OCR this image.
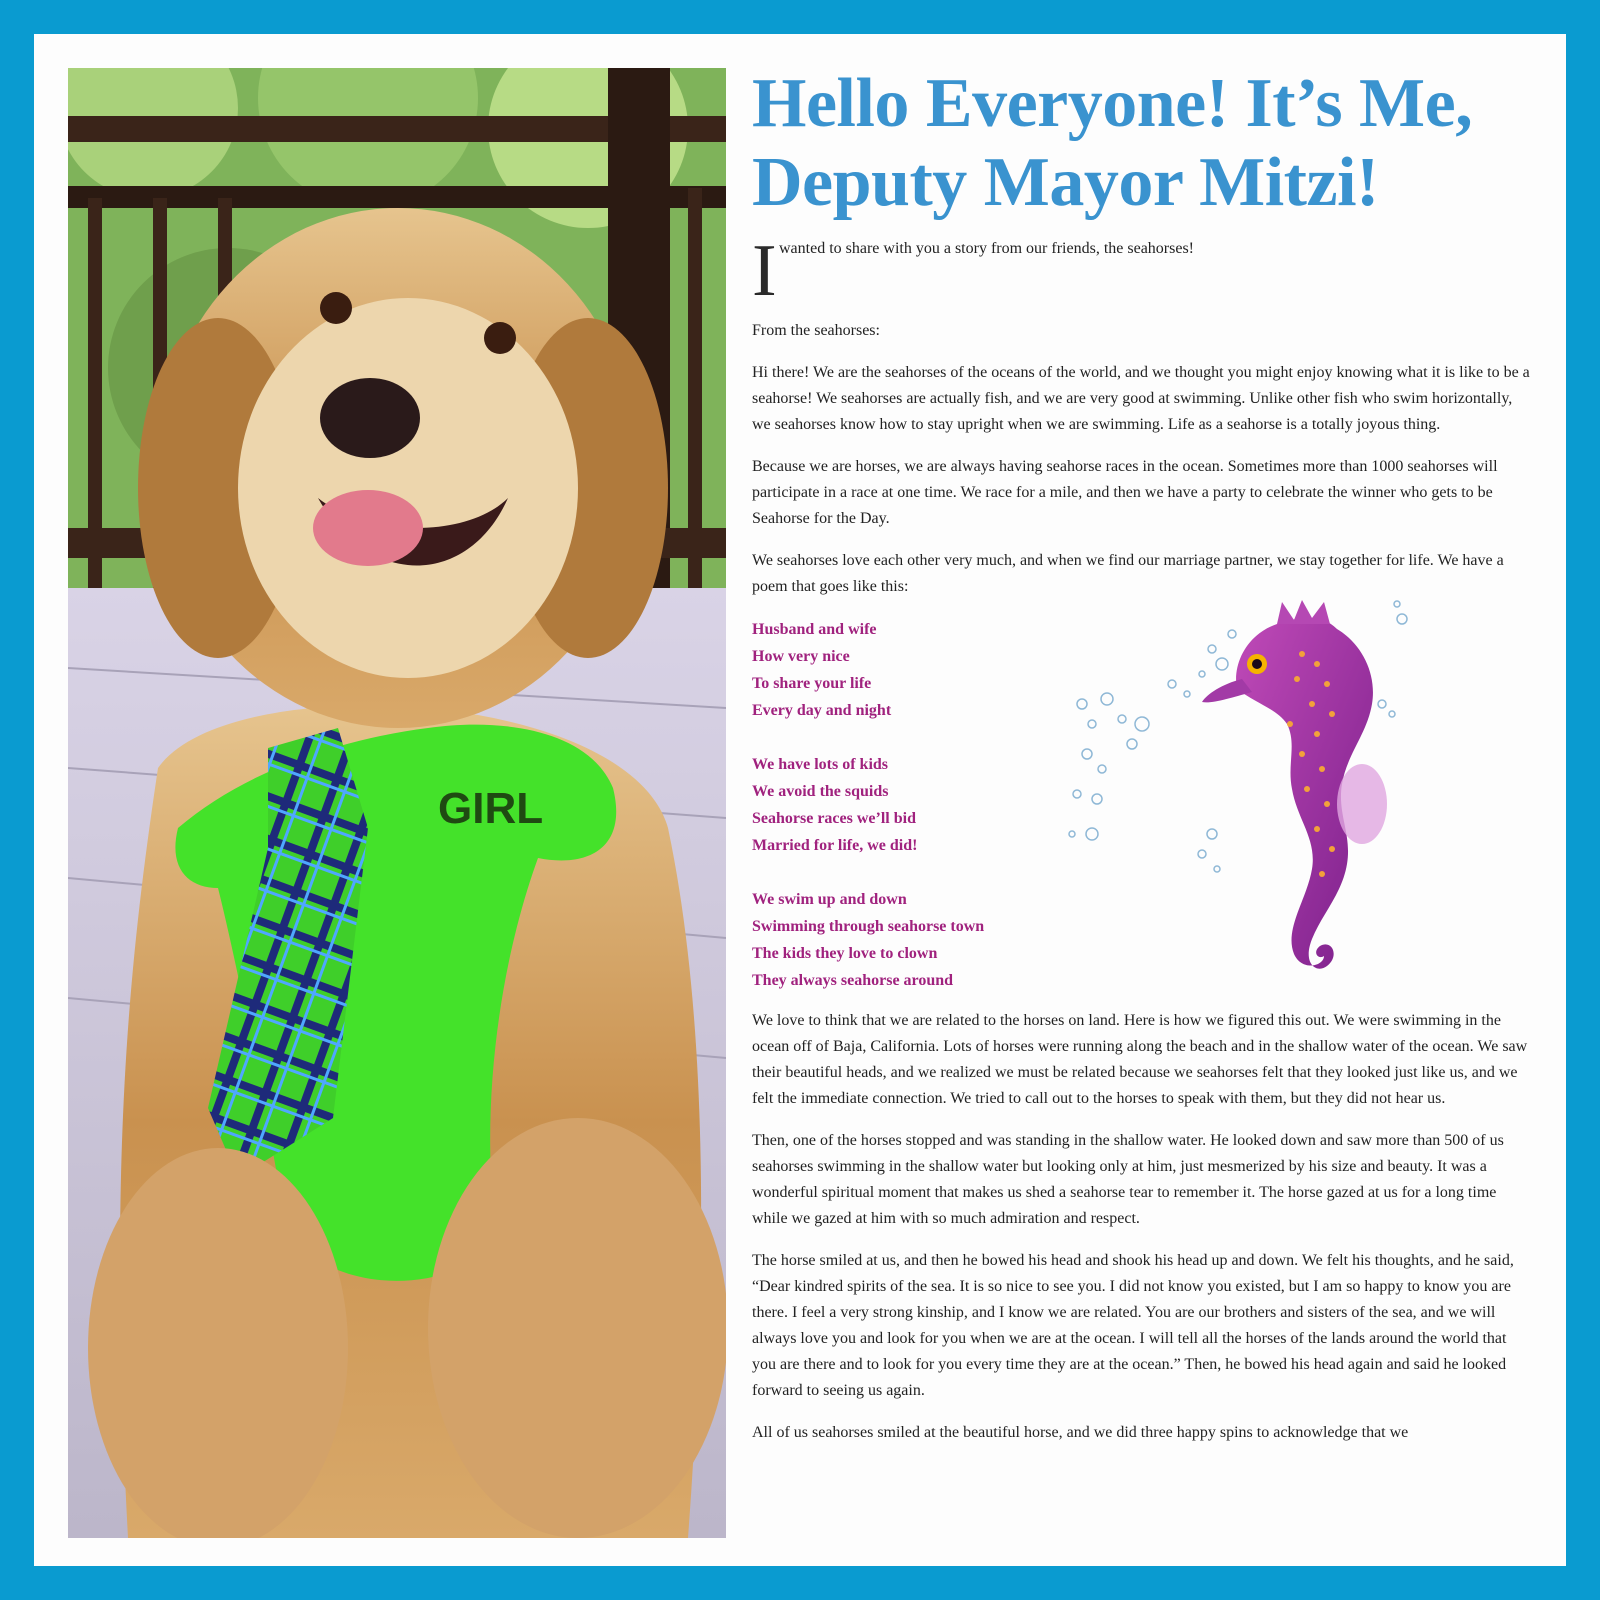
GIRL
Hello Everyone! It’s Me,
Deputy Mayor Mitzi!
I wanted to share with you a story from our friends, the seahorses!

From the seahorses:

Hi there! We are the seahorses of the oceans of the world, and we thought you might enjoy knowing what it is like to be a seahorse! We seahorses are actually fish, and we are very good at swimming. Unlike other fish who swim horizontally, we seahorses know how to stay upright when we are swimming. Life as a seahorse is a totally joyous thing.

Because we are horses, we are always having seahorse races in the ocean. Sometimes more than 1000 seahorses will participate in a race at one time. We race for a mile, and then we have a party to celebrate the winner who gets to be Seahorse for the Day.

We seahorses love each other very much, and when we find our marriage partner, we stay together for life. We have a poem that goes like this:

Husband and wife
How very nice
To share your life
Every day and night
We have lots of kids
We avoid the squids
Seahorse races we’ll bid
Married for life, we did!
We swim up and down
Swimming through seahorse town
The kids they love to clown
They always seahorse around

We love to think that we are related to the horses on land. Here is how we figured this out. We were swimming in the ocean off of Baja, California. Lots of horses were running along the beach and in the shallow water of the ocean. We saw their beautiful heads, and we realized we must be related because we seahorses felt that they looked just like us, and we felt the immediate connection. We tried to call out to the horses to speak with them, but they did not hear us.

Then, one of the horses stopped and was standing in the shallow water. He looked down and saw more than 500 of us seahorses swimming in the shallow water but looking only at him, just mesmerized by his size and beauty. It was a wonderful spiritual moment that makes us shed a seahorse tear to remember it. The horse gazed at us for a long time while we gazed at him with so much admiration and respect.

The horse smiled at us, and then he bowed his head and shook his head up and down. We felt his thoughts, and he said, “Dear kindred spirits of the sea. It is so nice to see you. I did not know you existed, but I am so happy to know you are there. I feel a very strong kinship, and I know we are related. You are our brothers and sisters of the sea, and we will always love you and look for you when we are at the ocean. I will tell all the horses of the lands around the world that you are there and to look for you every time they are at the ocean.” Then, he bowed his head again and said he looked forward to seeing us again.

All of us seahorses smiled at the beautiful horse, and we did three happy spins to acknowledge that we
